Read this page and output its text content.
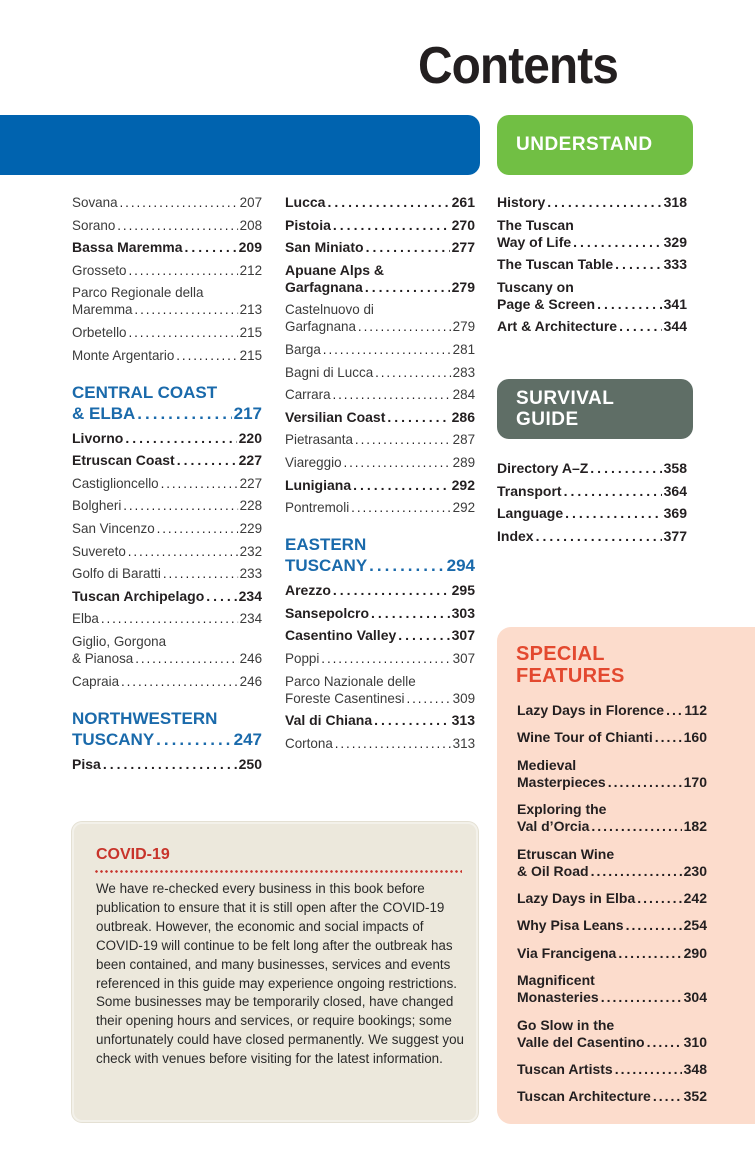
Contents
UNDERSTAND
SURVIVAL
GUIDE
Sovana .....	207
Sorano .....	208
Bassa Maremma .....	209
Grosseto .....	212
Parco Regionale della
Maremma .....	213
Orbetello .....	215
Monte Argentario .....	215
CENTRAL COAST
& ELBA .....	217
Livorno .....	220
Etruscan Coast .....	227
Castiglioncello .....	227
Bolgheri .....	228
San Vincenzo .....	229
Suvereto .....	232
Golfo di Baratti .....	233
Tuscan Archipelago ..... 234
Elba .....	234
Giglio, Gorgona
& Pianosa .....	246
Capraia .....	246
NORTHWESTERN
TUSCANY .....	247
Pisa .....	250
Lucca .....	261
Pistoia .....	270
San Miniato .....	277
Apuane Alps &
Garfagnana .....	279
Castelnuovo di
Garfagnana .....	279
Barga .....	281
Bagni di Lucca .....	283
Carrara .....	284
Versilian Coast .....	286
Pietrasanta .....	287
Viareggio .....	289
Lunigiana .....	292
Pontremoli .....	292
EASTERN
TUSCANY .....	294
Arezzo .....	295
Sansepolcro .....	303
Casentino Valley .....	307
Poppi .....	307
Parco Nazionale delle
Foreste Casentinesi .....	309
Val di Chiana .....	313
Cortona .....	313
History .....	318
The Tuscan
Way of Life .....	329
The Tuscan Table .....	333
Tuscany on
Page & Screen .....	341
Art & Architecture .....	344
Directory A–Z .....	358
Transport .....	364
Language .....	369
Index .....	377
COVID-19

We have re-checked every business in this book before publication to ensure that it is still open after the COVID-19 outbreak. However, the economic and social impacts of COVID-19 will continue to be felt long after the outbreak has been contained, and many businesses, services and events referenced in this guide may experience ongoing restrictions. Some businesses may be temporarily closed, have changed their opening hours and services, or require bookings; some unfortunately could have closed permanently. We suggest you check with venues before visiting for the latest information.

SPECIAL
FEATURES
Lazy Days in Florence ..... 112
Wine Tour of Chianti ..... 160
Medieval
Masterpieces .....	170
Exploring the
Val d’Orcia .....	182
Etruscan Wine
& Oil Road .....	230
Lazy Days in Elba .....	242
Why Pisa Leans .....	254
Via Francigena .....	290
Magnificent
Monasteries .....	304
Go Slow in the
Valle del Casentino .....	310
Tuscan Artists .....	348
Tuscan Architecture ..... 352
